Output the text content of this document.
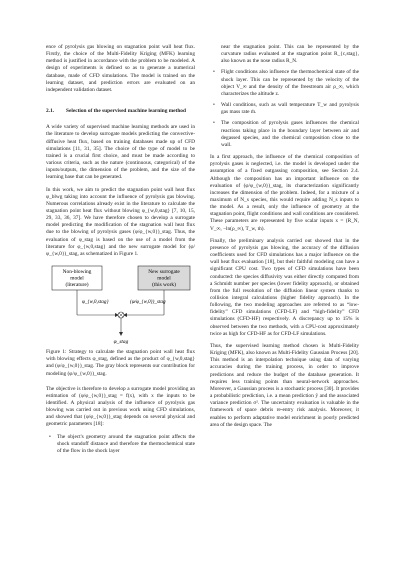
ence of pyrolysis gas blowing on stagnation point wall heat flux. Firstly, the choice of the Multi-Fidelity Kriging (MFK) learning method is justified in accordance with the problem to be modeled. A design of experiments is defined so as to generate a numerical database, made of CFD simulations. The model is trained on the learning dataset, and prediction errors are evaluated on an independent validation dataset.

2.1.	Selection of the supervised machine learning method

A wide variety of supervised machine learning methods are used in the literature to develop surrogate models predicting the convective-diffusive heat flux, based on training databases made up of CFD simulations [11, 31, 35]. The choice of the type of model to be trained is a crucial first choice, and must be made according to various criteria, such as the nature (continuous, categorical) of the inputs/outputs, the dimension of the problem, and the size of the learning base that can be generated.

In this work, we aim to predict the stagnation point wall heat flux φ_blwg taking into account the influence of pyrolysis gas blowing. Numerous correlations already exist in the literature to calculate the stagnation point heat flux without blowing φ_{w,0,stag} [7, 10, 15, 29, 33, 36, 37]. We have therefore chosen to develop a surrogate model predicting the modification of the stagnation wall heat flux due to the blowing of pyrolysis gases (φ/φ_{w,0})_stag. Thus, the evaluation of φ_stag is based on the use of a model from the literature for φ_{w,0,stag} and the new surrogate model for (φ/φ_{w,0})_stag, as schematized in Figure 1.

Non-blowing
model
(literature)
New surrogate
model
(this work)
φ_{w,0,stag}	(φ/φ_{w,0})_stag
φ_stag

Figure 1: Strategy to calculate the stagnation point wall heat flux with blowing effects φ_stag, defined as the product of φ_{w,0,stag} and (φ/φ_{w,0})_stag. The gray block represents our contribution for modeling (φ/φ_{w,0})_stag.

The objective is therefore to develop a surrogate model providing an estimation of (φ/φ_{w,0})_stag = f(x), with x the inputs to be identified. A physical analysis of the influence of pyrolysis gas blowing was carried out in previous work using CFD simulations, and showed that (φ/φ_{w,0})_stag depends on several physical and geometric parameters [18]:

• The object's geometry around the stagnation point affects the shock standoff distance and therefore the thermochemical state of the flow in the shock layer
near the stagnation point. This can be represented by the curvature radius evaluated at the stagnation point R_{c,stag}, also known as the nose radius R_N.
• Flight conditions also influence the thermochemical state of the shock layer. This can be represented by the velocity of the object V_∞ and the density of the freestream air ρ_∞, which characterizes the altitude z.
• Wall conditions, such as wall temperature T_w and pyrolysis gas mass rate ṁ.
• The composition of pyrolysis gases influences the chemical reactions taking place in the boundary layer between air and degassed species, and the chemical composition close to the wall.

In a first approach, the influence of the chemical composition of pyrolysis gases is neglected, i.e. the model is developed under the assumption of a fixed outgassing composition, see Section 2.4. Although the composition has an important influence on the evaluation of (φ/φ_{w,0})_stag, its characterization significantly increases the dimension of the problem. Indeed, for a mixture of a maximum of N_s species, this would require adding N_s inputs to the model. As a result, only the influence of geometry at the stagnation point, flight conditions and wall conditions are considered. These parameters are represented by five scalar inputs x = (R_N, V_∞, −ln(ρ_∞), T_w, ṁ).

Finally, the preliminary analysis carried out showed that in the presence of pyrolysis gas blowing, the accuracy of the diffusion coefficients used for CFD simulations has a major influence on the wall heat flux evaluation [18], but their faithful modeling can have a significant CPU cost. Two types of CFD simulations have been conducted: the species diffusivity was either directly computed from a Schmidt number per species (lower fidelity approach), or obtained from the full resolution of the diffusion linear system thanks to collision integral calculations (higher fidelity approach). In the following, the two modeling approaches are referred to as “low-fidelity” CFD simulations (CFD-LF) and “high-fidelity” CFD simulations (CFD-HF) respectively. A discrepancy up to 15% is observed between the two methods, with a CPU-cost approximately twice as high for CFD-HF as for CFD-LF simulations.

Thus, the supervised learning method chosen is Multi-Fidelity Kriging (MFK), also known as Multi-Fidelity Gaussian Process [20]. This method is an interpolation technique using data of varying accuracies during the training process, in order to improve predictions and reduce the budget of the database generation. It requires less training points than neural-network approaches. Moreover, a Gaussian process is a stochastic process [30]. It provides a probabilistic prediction, i.e. a mean prediction ŷ and the associated variance prediction σ². The uncertainty evaluation is valuable in the framework of space debris re-entry risk analysis. Moreover, it enables to perform adaptative model enrichment in poorly predicted area of the design space. The
